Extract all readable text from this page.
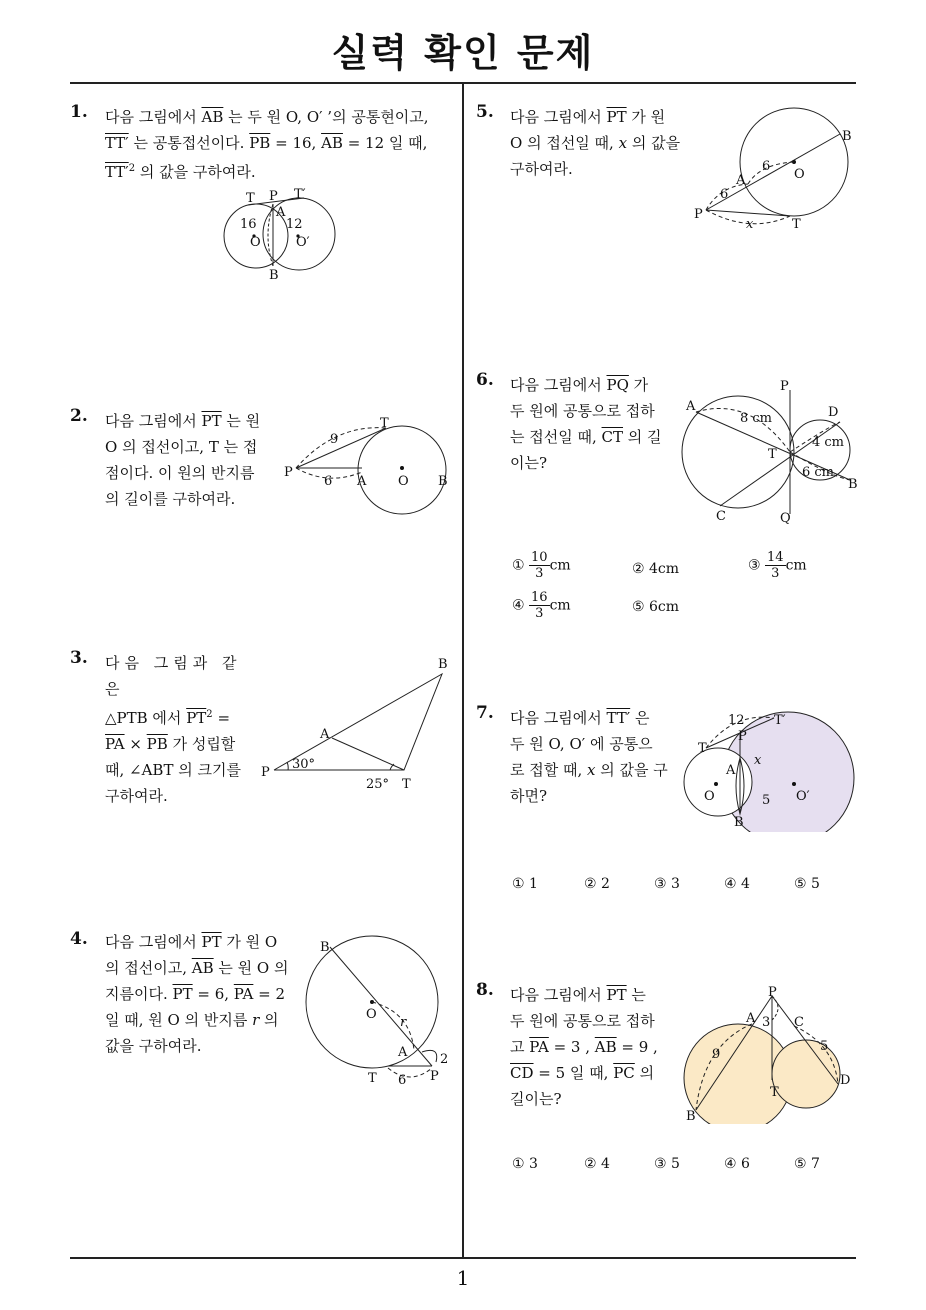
실력 확인 문제
1
1. 다음 그림에서 $\overline{AB}$ 는 두 원 O, O′ ’의 공통현이고,
TT′ 는 공통접선이다. $\overline{PB} = 16$, $\overline{AB} = 12$ 일 때,
$TT'^2$ 의 값을 구하여라.
T P T′
A
16 12
O	O′
B
2. 다음 그림에서 $\overline{PT}$ 는 원
O 의 접선이고, T 는 접
점이다. 이 원의 반지름
의 길이를 구하여라.
T
P
9
6 A O B
3. 다음 그림과 같은
△PTB 에서 $\overline{PT}^2$ =
$\overline{PA} \times \overline{PB}$ 가 성립할
때, ∠ABT 의 크기를
구하여라.
B
A
P
T
30°
25°
4. 다음 그림에서 $\overline{PT}$ 가 원 O
의 접선이고, $\overline{AB}$ 는 원 O 의
지름이다. $\overline{PT} = 6$, $\overline{PA} = 2$
일 때, 원 O 의 반지름 r 의
값을 구하여라.
B
O
r
A	2
T 6 P
5. 다음 그림에서 $\overline{PT}$ 가 원
O 의 접선일 때, x 의 값을
구하여라.
B
6
O
A
6
P
x	T
6. 다음 그림에서 $\overline{PQ}$ 가
두 원에 공통으로 접하
는 접선일 때, $\overline{CT}$ 의 길
이는?
P
A
8 cm	D
4 cm
T
6 cm
B
C	Q
① $\frac{10}{3}$ cm	② 4cm	③ $\frac{14}{3}$ cm
④ $\frac{16}{3}$ cm	⑤ 6cm
7. 다음 그림에서 TT′ 은
두 원 O, O′ 에 공통으
로 접할 때, x 의 값을 구
하면?
12 T′
T
P
x
A
O	5 O′
B
① 1	② 2	③ 3	④ 4	⑤ 5
8. 다음 그림에서 $\overline{PT}$ 는
두 원에 공통으로 접하
고 $\overline{PA} = 3$ , $\overline{AB} = 9$ ,
$\overline{CD} = 5$ 일 때, $\overline{PC}$ 의
길이는?
P
A 3 C
9
5
T
D
B
① 3	② 4	③ 5	④ 6	⑤ 7
